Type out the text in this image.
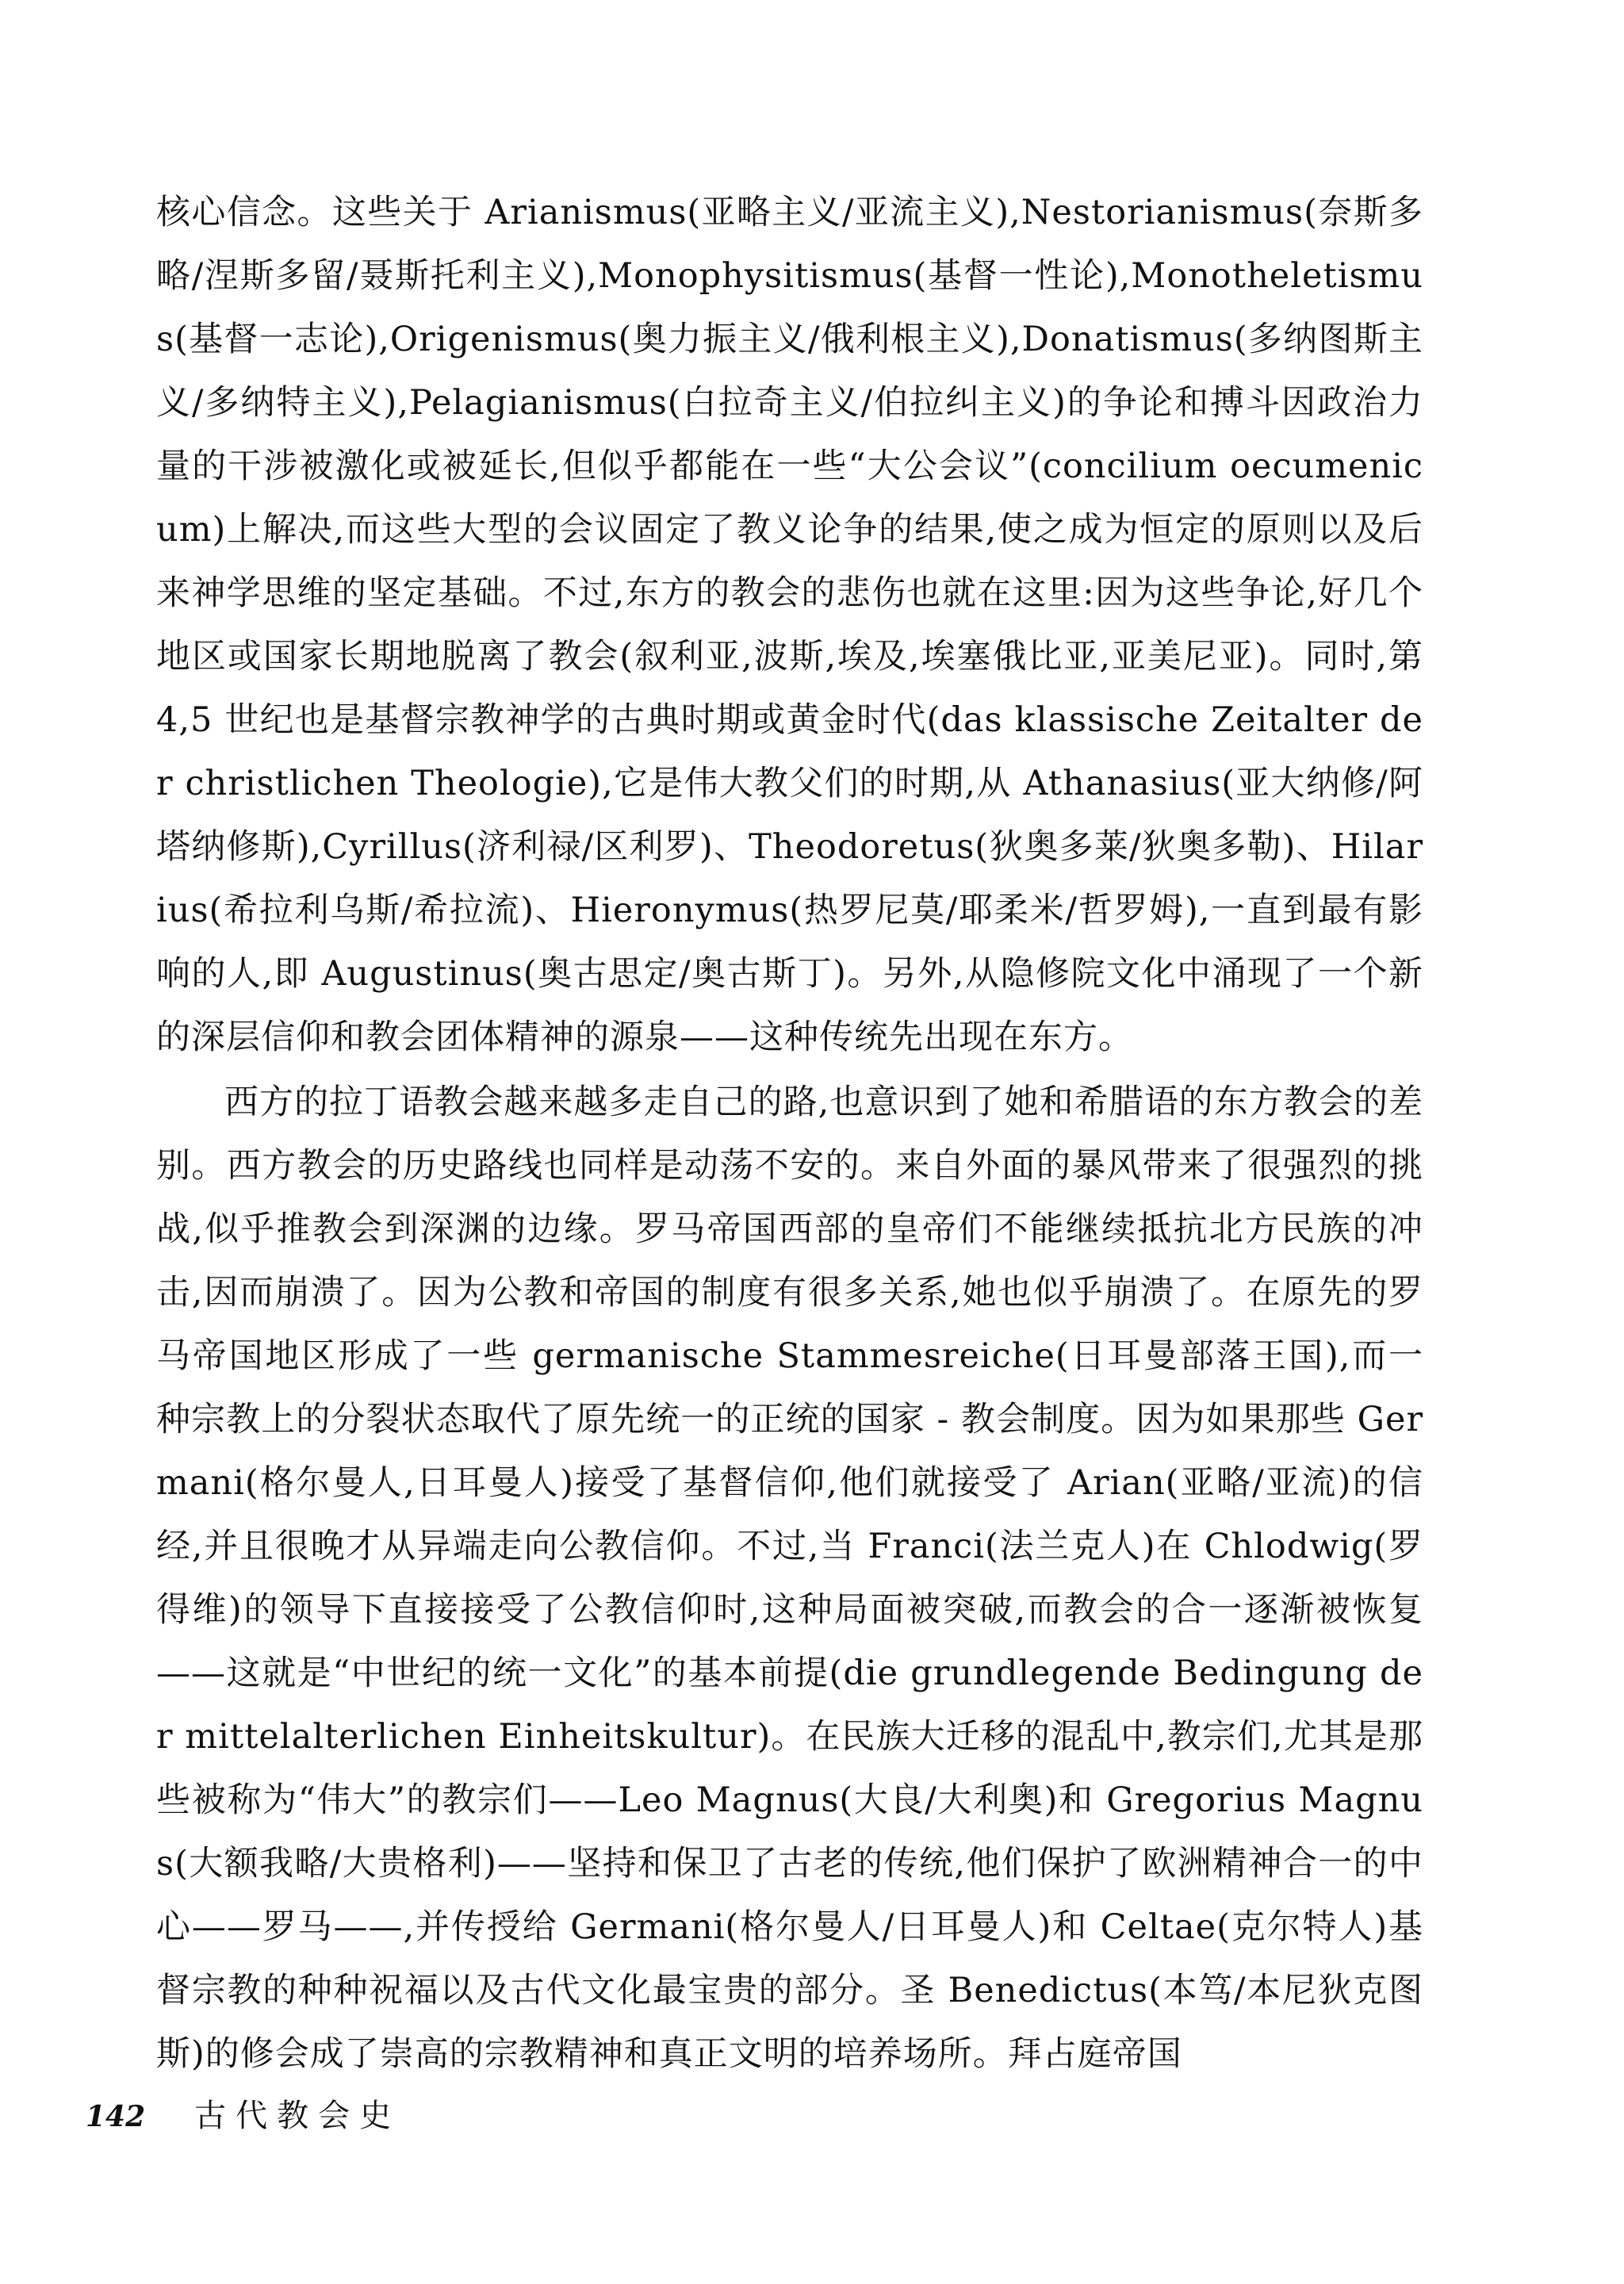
核心信念。这些关于 Arianismus(亚略主义/亚流主义),Nestorianismus(奈斯多略/涅斯多留/聂斯托利主义),Monophysitismus(基督一性论),Monotheletismus(基督一志论),Origenismus(奥力振主义/俄利根主义),Donatismus(多纳图斯主义/多纳特主义),Pelagianismus(白拉奇主义/伯拉纠主义)的争论和搏斗因政治力量的干涉被激化或被延长,但似乎都能在一些“大公会议”(concilium oecumenicum)上解决,而这些大型的会议固定了教义论争的结果,使之成为恒定的原则以及后来神学思维的坚定基础。不过,东方的教会的悲伤也就在这里:因为这些争论,好几个地区或国家长期地脱离了教会(叙利亚,波斯,埃及,埃塞俄比亚,亚美尼亚)。同时,第4,5 世纪也是基督宗教神学的古典时期或黄金时代(das klassische Zeitalter der christlichen Theologie),它是伟大教父们的时期,从 Athanasius(亚大纳修/阿塔纳修斯),Cyrillus(济利禄/区利罗)、Theodoretus(狄奥多莱/狄奥多勒)、Hilarius(希拉利乌斯/希拉流)、Hieronymus(热罗尼莫/耶柔米/哲罗姆),一直到最有影响的人,即 Augustinus(奥古思定/奥古斯丁)。另外,从隐修院文化中涌现了一个新的深层信仰和教会团体精神的源泉——这种传统先出现在东方。

西方的拉丁语教会越来越多走自己的路,也意识到了她和希腊语的东方教会的差别。西方教会的历史路线也同样是动荡不安的。来自外面的暴风带来了很强烈的挑战,似乎推教会到深渊的边缘。罗马帝国西部的皇帝们不能继续抵抗北方民族的冲击,因而崩溃了。因为公教和帝国的制度有很多关系,她也似乎崩溃了。在原先的罗马帝国地区形成了一些 germanische Stammesreiche(日耳曼部落王国),而一种宗教上的分裂状态取代了原先统一的正统的国家 - 教会制度。因为如果那些 Germani(格尔曼人,日耳曼人)接受了基督信仰,他们就接受了 Arian(亚略/亚流)的信经,并且很晚才从异端走向公教信仰。不过,当 Franci(法兰克人)在 Chlodwig(罗得维)的领导下直接接受了公教信仰时,这种局面被突破,而教会的合一逐渐被恢复——这就是“中世纪的统一文化”的基本前提(die grundlegende Bedingung der mittelalterlichen Einheitskultur)。在民族大迁移的混乱中,教宗们,尤其是那些被称为“伟大”的教宗们——Leo Magnus(大良/大利奥)和 Gregorius Magnus(大额我略/大贵格利)——坚持和保卫了古老的传统,他们保护了欧洲精神合一的中心——罗马——,并传授给 Germani(格尔曼人/日耳曼人)和 Celtae(克尔特人)基督宗教的种种祝福以及古代文化最宝贵的部分。圣 Benedictus(本笃/本尼狄克图斯)的修会成了崇高的宗教精神和真正文明的培养场所。拜占庭帝国

142 古代教会史
